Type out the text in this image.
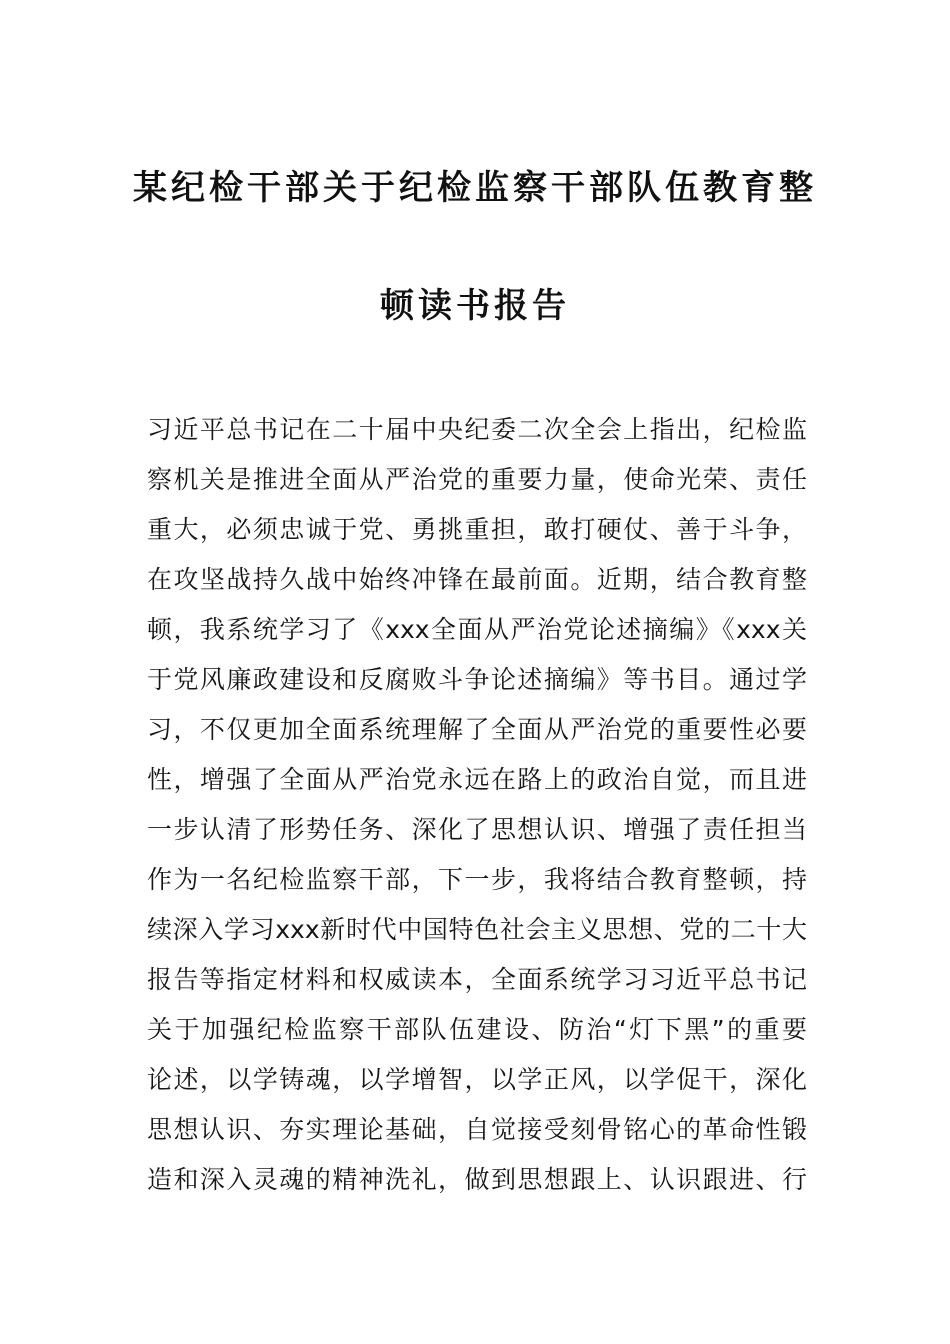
某纪检干部关于纪检监察干部队伍教育整
顿读书报告
习近平总书记在二十届中央纪委二次全会上指出，纪检监
察机关是推进全面从严治党的重要力量，使命光荣、责任
重大，必须忠诚于党、勇挑重担，敢打硬仗、善于斗争，
在攻坚战持久战中始终冲锋在最前面。近期，结合教育整
顿，我系统学习了《xxx全面从严治党论述摘编》《xxx关
于党风廉政建设和反腐败斗争论述摘编》等书目。通过学
习，不仅更加全面系统理解了全面从严治党的重要性必要
性，增强了全面从严治党永远在路上的政治自觉，而且进
一步认清了形势任务、深化了思想认识、增强了责任担当
作为一名纪检监察干部，下一步，我将结合教育整顿，持
续深入学习xxx新时代中国特色社会主义思想、党的二十大
报告等指定材料和权威读本，全面系统学习习近平总书记
关于加强纪检监察干部队伍建设、防治“灯下黑”的重要
论述，以学铸魂，以学增智，以学正风，以学促干，深化
思想认识、夯实理论基础，自觉接受刻骨铭心的革命性锻
造和深入灵魂的精神洗礼，做到思想跟上、认识跟进、行
